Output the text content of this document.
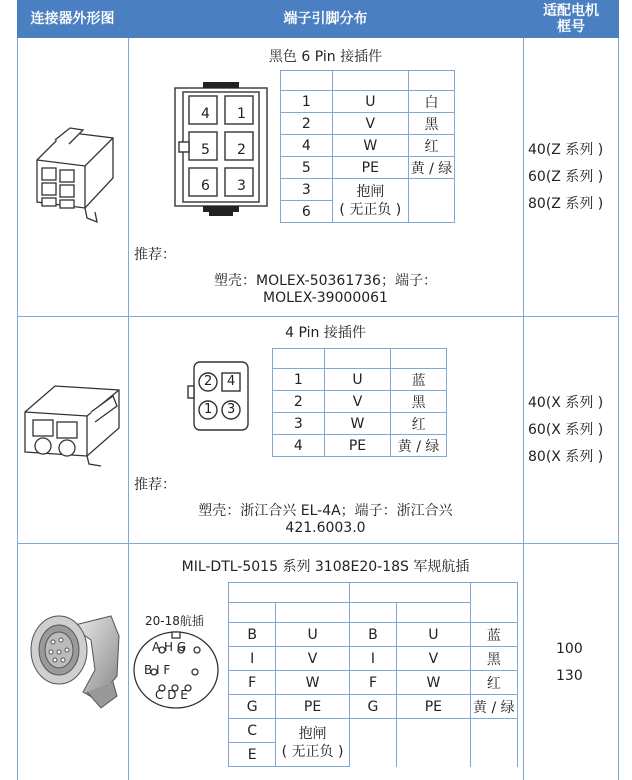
连接器外形图	端子引脚分布	适配电机
框号
黑色 6 Pin 接插件
4 1
5 2
6 3

1	U	白
2	V	黑
4	W	红
5	PE	黄 / 绿
3	抱闸
( 无正负 )	

6		
推荐：
塑壳：MOLEX-50361736；端子：
MOLEX-39000061
40(Z 系列 )
60(Z 系列 )
80(Z 系列 )
4 Pin 接插件
2 4
1 3

1	U	蓝
2	V	黑
3	W	红
4	PE	黄 / 绿
推荐：
塑壳：浙江合兴 EL-4A；端子：浙江合兴
421.6003.0
40(X 系列 )
60(X 系列 )
80(X 系列 )
MIL-DTL-5015 系列 3108E20-18S 军规航插
20-18航插
A H G
B I F
C D E

B	U	B	U	蓝
I	V	I	V	黑
F	W	F	W	红
G	PE	G	PE	黄 / 绿
C	抱闸
( 无正负 )			

E				
100
130
